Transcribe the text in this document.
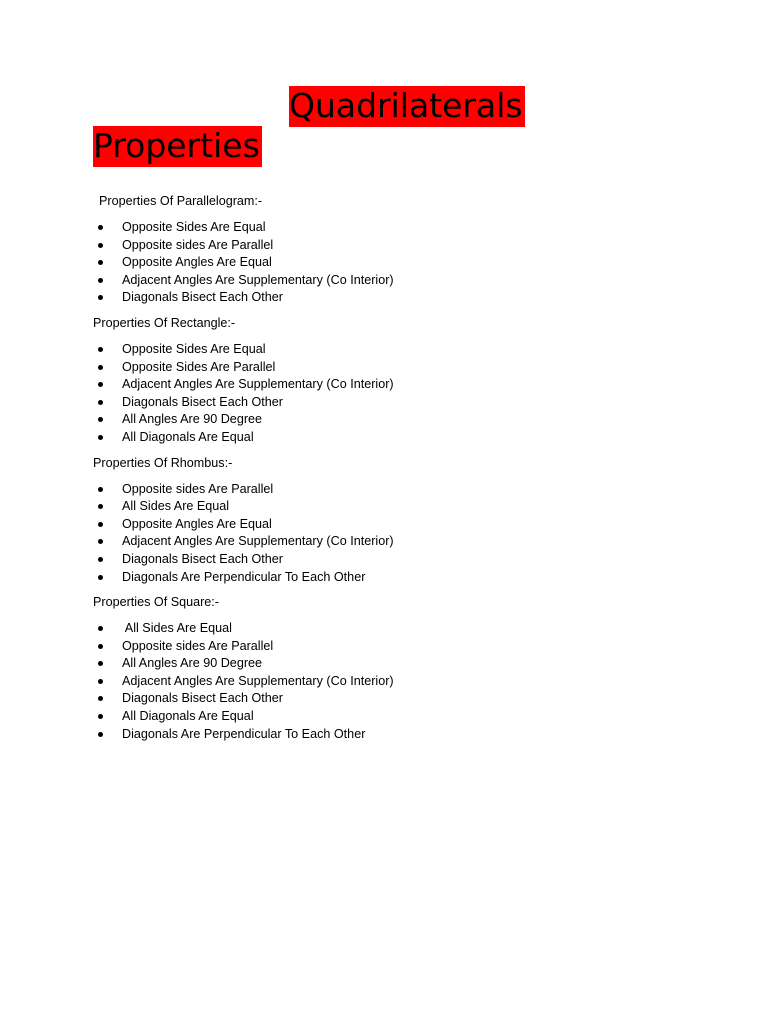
Quadrilaterals Properties

Properties Of Parallelogram:-

Opposite Sides Are Equal
Opposite sides Are Parallel
Opposite Angles Are Equal
Adjacent Angles Are Supplementary (Co Interior)
Diagonals Bisect Each Other

Properties Of Rectangle:-

Opposite Sides Are Equal
Opposite Sides Are Parallel
Adjacent Angles Are Supplementary (Co Interior)
Diagonals Bisect Each Other
All Angles Are 90 Degree
All Diagonals Are Equal

Properties Of Rhombus:-

Opposite sides Are Parallel
All Sides Are Equal
Opposite Angles Are Equal
Adjacent Angles Are Supplementary (Co Interior)
Diagonals Bisect Each Other
Diagonals Are Perpendicular To Each Other

Properties Of Square:-

All Sides Are Equal
Opposite sides Are Parallel
All Angles Are 90 Degree
Adjacent Angles Are Supplementary (Co Interior)
Diagonals Bisect Each Other
All Diagonals Are Equal
Diagonals Are Perpendicular To Each Other
